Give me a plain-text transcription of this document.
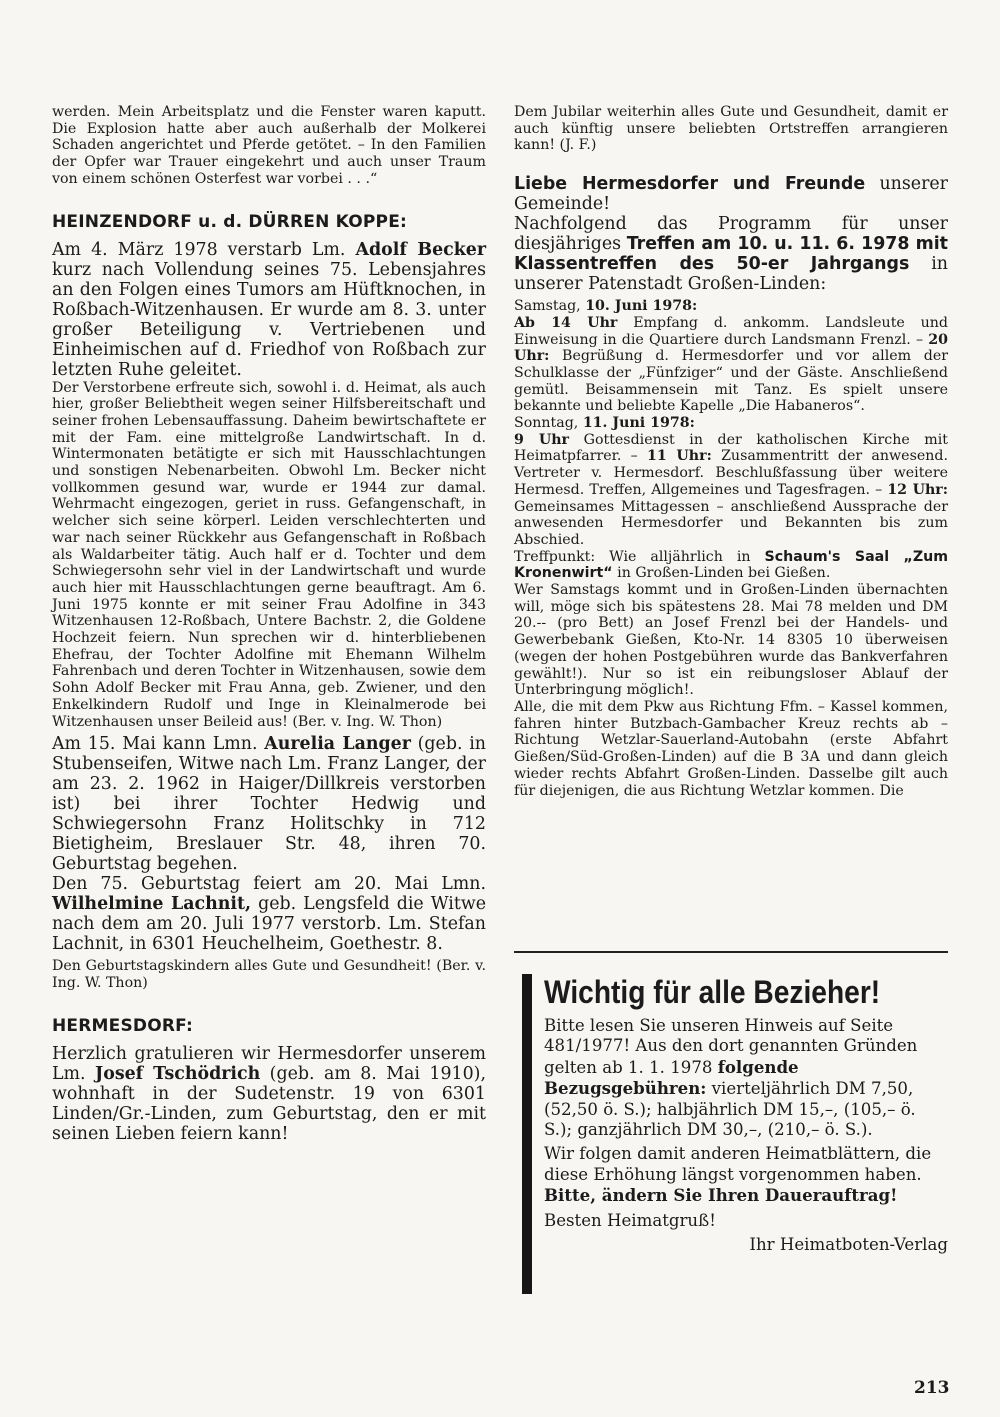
werden. Mein Arbeitsplatz und die Fenster waren kaputt. Die Explosion hatte aber auch außerhalb der Molkerei Schaden angerichtet und Pferde getötet. – In den Familien der Opfer war Trauer eingekehrt und auch unser Traum von einem schönen Osterfest war vorbei . . .“

HEINZENDORF u. d. DÜRREN KOPPE:

Am 4. März 1978 verstarb Lm. Adolf Becker kurz nach Vollendung seines 75. Lebensjahres an den Folgen eines Tumors am Hüftknochen, in Roßbach-Witzenhausen. Er wurde am 8. 3. unter großer Beteiligung v. Vertriebenen und Einheimischen auf d. Friedhof von Roßbach zur letzten Ruhe geleitet.

Der Verstorbene erfreute sich, sowohl i. d. Heimat, als auch hier, großer Beliebtheit wegen seiner Hilfsbereitschaft und seiner frohen Lebensauffassung. Daheim bewirtschaftete er mit der Fam. eine mittelgroße Landwirtschaft. In d. Wintermonaten betätigte er sich mit Hausschlachtungen und sonstigen Nebenarbeiten. Obwohl Lm. Becker nicht vollkommen gesund war, wurde er 1944 zur damal. Wehrmacht eingezogen, geriet in russ. Gefangenschaft, in welcher sich seine körperl. Leiden verschlechterten und war nach seiner Rückkehr aus Gefangenschaft in Roßbach als Waldarbeiter tätig. Auch half er d. Tochter und dem Schwiegersohn sehr viel in der Landwirtschaft und wurde auch hier mit Hausschlachtungen gerne beauftragt. Am 6. Juni 1975 konnte er mit seiner Frau Adolfine in 343 Witzenhausen 12-Roßbach, Untere Bachstr. 2, die Goldene Hochzeit feiern. Nun sprechen wir d. hinterbliebenen Ehefrau, der Tochter Adolfine mit Ehemann Wilhelm Fahrenbach und deren Tochter in Witzenhausen, sowie dem Sohn Adolf Becker mit Frau Anna, geb. Zwiener, und den Enkelkindern Rudolf und Inge in Kleinalmerode bei Witzenhausen unser Beileid aus! (Ber. v. Ing. W. Thon)

Am 15. Mai kann Lmn. Aurelia Langer (geb. in Stubenseifen, Witwe nach Lm. Franz Langer, der am 23. 2. 1962 in Haiger/Dillkreis verstorben ist) bei ihrer Tochter Hedwig und Schwiegersohn Franz Holitschky in 712 Bietigheim, Breslauer Str. 48, ihren 70. Geburtstag begehen.

Den 75. Geburtstag feiert am 20. Mai Lmn. Wilhelmine Lachnit, geb. Lengsfeld die Witwe nach dem am 20. Juli 1977 verstorb. Lm. Stefan Lachnit, in 6301 Heuchelheim, Goethestr. 8.

Den Geburtstagskindern alles Gute und Gesundheit! (Ber. v. Ing. W. Thon)

HERMESDORF:

Herzlich gratulieren wir Hermesdorfer unserem Lm. Josef Tschödrich (geb. am 8. Mai 1910), wohnhaft in der Sudetenstr. 19 von 6301 Linden/Gr.-Linden, zum Geburtstag, den er mit seinen Lieben feiern kann!

Dem Jubilar weiterhin alles Gute und Gesundheit, damit er auch künftig unsere beliebten Ortstreffen arrangieren kann! (J. F.)

Liebe Hermesdorfer und Freunde unserer Gemeinde!

Nachfolgend das Programm für unser diesjähriges Treffen am 10. u. 11. 6. 1978 mit Klassentreffen des 50-er Jahrgangs in unserer Patenstadt Großen-Linden:

Samstag, 10. Juni 1978:

Ab 14 Uhr Empfang d. ankomm. Landsleute und Einweisung in die Quartiere durch Landsmann Frenzl. – 20 Uhr: Begrüßung d. Hermesdorfer und vor allem der Schulklasse der „Fünfziger“ und der Gäste. Anschließend gemütl. Beisammensein mit Tanz. Es spielt unsere bekannte und beliebte Kapelle „Die Habaneros“.

Sonntag, 11. Juni 1978:

9 Uhr Gottesdienst in der katholischen Kirche mit Heimatpfarrer. – 11 Uhr: Zusammentritt der anwesend. Vertreter v. Hermesdorf. Beschlußfassung über weitere Hermesd. Treffen, Allgemeines und Tagesfragen. – 12 Uhr: Gemeinsames Mittagessen – anschließend Aussprache der anwesenden Hermesdorfer und Bekannten bis zum Abschied.

Treffpunkt: Wie alljährlich in Schaum's Saal „Zum Kronenwirt“ in Großen-Linden bei Gießen.

Wer Samstags kommt und in Großen-Linden übernachten will, möge sich bis spätestens 28. Mai 78 melden und DM 20.-- (pro Bett) an Josef Frenzl bei der Handels- und Gewerbebank Gießen, Kto-Nr. 14 8305 10 überweisen (wegen der hohen Postgebühren wurde das Bankverfahren gewählt!). Nur so ist ein reibungsloser Ablauf der Unterbringung möglich!.

Alle, die mit dem Pkw aus Richtung Ffm. – Kassel kommen, fahren hinter Butzbach-Gambacher Kreuz rechts ab – Richtung Wetzlar-Sauerland-Autobahn (erste Abfahrt Gießen/Süd-Großen-Linden) auf die B 3A und dann gleich wieder rechts Abfahrt Großen-Linden. Dasselbe gilt auch für diejenigen, die aus Richtung Wetzlar kommen. Die

Wichtig für alle Bezieher!

Bitte lesen Sie unseren Hinweis auf Seite 481/1977! Aus den dort genannten Gründen gelten ab 1. 1. 1978 folgende Bezugsgebühren: vierteljährlich DM 7,50, (52,50 ö. S.); halbjährlich DM 15,–, (105,– ö. S.); ganzjährlich DM 30,–, (210,– ö. S.).

Wir folgen damit anderen Heimatblättern, die diese Erhöhung längst vorgenommen haben.

Bitte, ändern Sie Ihren Dauerauftrag!

Besten Heimatgruß!

Ihr Heimatboten-Verlag

213
